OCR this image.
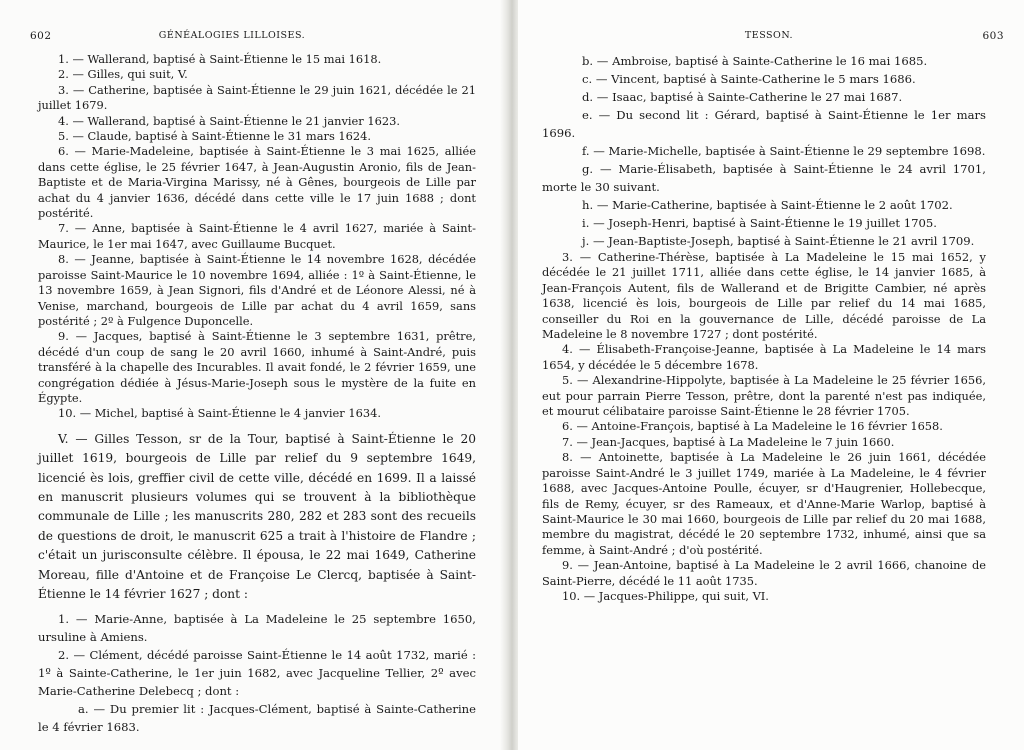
602	GÉNÉALOGIES LILLOISES.

1. — Wallerand, baptisé à Saint-Étienne le 15 mai 1618.

2. — Gilles, qui suit, V.

3. — Catherine, baptisée à Saint-Étienne le 29 juin 1621, décédée le 21 juillet 1679.

4. — Wallerand, baptisé à Saint-Étienne le 21 janvier 1623.

5. — Claude, baptisé à Saint-Étienne le 31 mars 1624.

6. — Marie-Madeleine, baptisée à Saint-Étienne le 3 mai 1625, alliée dans cette église, le 25 février 1647, à Jean-Augustin Aronio, fils de Jean-Baptiste et de Maria-Virgina Marissy, né à Gênes, bourgeois de Lille par achat du 4 janvier 1636, décédé dans cette ville le 17 juin 1688 ; dont postérité.

7. — Anne, baptisée à Saint-Étienne le 4 avril 1627, mariée à Saint-Maurice, le 1er mai 1647, avec Guillaume Bucquet.

8. — Jeanne, baptisée à Saint-Étienne le 14 novembre 1628, décédée paroisse Saint-Maurice le 10 novembre 1694, alliée : 1º à Saint-Étienne, le 13 novembre 1659, à Jean Signori, fils d'André et de Léonore Alessi, né à Venise, marchand, bourgeois de Lille par achat du 4 avril 1659, sans postérité ; 2º à Fulgence Duponcelle.

9. — Jacques, baptisé à Saint-Étienne le 3 septembre 1631, prêtre, décédé d'un coup de sang le 20 avril 1660, inhumé à Saint-André, puis transféré à la chapelle des Incurables. Il avait fondé, le 2 février 1659, une congrégation dédiée à Jésus-Marie-Joseph sous le mystère de la fuite en Égypte.

10. — Michel, baptisé à Saint-Étienne le 4 janvier 1634.

V. — Gilles Tesson, sr de la Tour, baptisé à Saint-Étienne le 20 juillet 1619, bourgeois de Lille par relief du 9 septembre 1649, licencié ès lois, greffier civil de cette ville, décédé en 1699. Il a laissé en manuscrit plusieurs volumes qui se trouvent à la bibliothèque communale de Lille ; les manuscrits 280, 282 et 283 sont des recueils de questions de droit, le manuscrit 625 a trait à l'histoire de Flandre ; c'était un jurisconsulte célèbre. Il épousa, le 22 mai 1649, Catherine Moreau, fille d'Antoine et de Françoise Le Clercq, baptisée à Saint-Étienne le 14 février 1627 ; dont :

1. — Marie-Anne, baptisée à La Madeleine le 25 septembre 1650, ursuline à Amiens.

2. — Clément, décédé paroisse Saint-Étienne le 14 août 1732, marié : 1º à Sainte-Catherine, le 1er juin 1682, avec Jacqueline Tellier, 2º avec Marie-Catherine Delebecq ; dont :

a. — Du premier lit : Jacques-Clément, baptisé à Sainte-Catherine le 4 février 1683.

TESSON.	603

b. — Ambroise, baptisé à Sainte-Catherine le 16 mai 1685.

c. — Vincent, baptisé à Sainte-Catherine le 5 mars 1686.

d. — Isaac, baptisé à Sainte-Catherine le 27 mai 1687.

e. — Du second lit : Gérard, baptisé à Saint-Étienne le 1er mars 1696.

f. — Marie-Michelle, baptisée à Saint-Étienne le 29 septembre 1698.

g. — Marie-Élisabeth, baptisée à Saint-Étienne le 24 avril 1701, morte le 30 suivant.

h. — Marie-Catherine, baptisée à Saint-Étienne le 2 août 1702.

i. — Joseph-Henri, baptisé à Saint-Étienne le 19 juillet 1705.

j. — Jean-Baptiste-Joseph, baptisé à Saint-Étienne le 21 avril 1709.

3. — Catherine-Thérèse, baptisée à La Madeleine le 15 mai 1652, y décédée le 21 juillet 1711, alliée dans cette église, le 14 janvier 1685, à Jean-François Autent, fils de Wallerand et de Brigitte Cambier, né après 1638, licencié ès lois, bourgeois de Lille par relief du 14 mai 1685, conseiller du Roi en la gouvernance de Lille, décédé paroisse de La Madeleine le 8 novembre 1727 ; dont postérité.

4. — Élisabeth-Françoise-Jeanne, baptisée à La Madeleine le 14 mars 1654, y décédée le 5 décembre 1678.

5. — Alexandrine-Hippolyte, baptisée à La Madeleine le 25 février 1656, eut pour parrain Pierre Tesson, prêtre, dont la parenté n'est pas indiquée, et mourut célibataire paroisse Saint-Étienne le 28 février 1705.

6. — Antoine-François, baptisé à La Madeleine le 16 février 1658.

7. — Jean-Jacques, baptisé à La Madeleine le 7 juin 1660.

8. — Antoinette, baptisée à La Madeleine le 26 juin 1661, décédée paroisse Saint-André le 3 juillet 1749, mariée à La Madeleine, le 4 février 1688, avec Jacques-Antoine Poulle, écuyer, sr d'Haugrenier, Hollebecque, fils de Remy, écuyer, sr des Rameaux, et d'Anne-Marie Warlop, baptisé à Saint-Maurice le 30 mai 1660, bourgeois de Lille par relief du 20 mai 1688, membre du magistrat, décédé le 20 septembre 1732, inhumé, ainsi que sa femme, à Saint-André ; d'où postérité.

9. — Jean-Antoine, baptisé à La Madeleine le 2 avril 1666, chanoine de Saint-Pierre, décédé le 11 août 1735.

10. — Jacques-Philippe, qui suit, VI.
